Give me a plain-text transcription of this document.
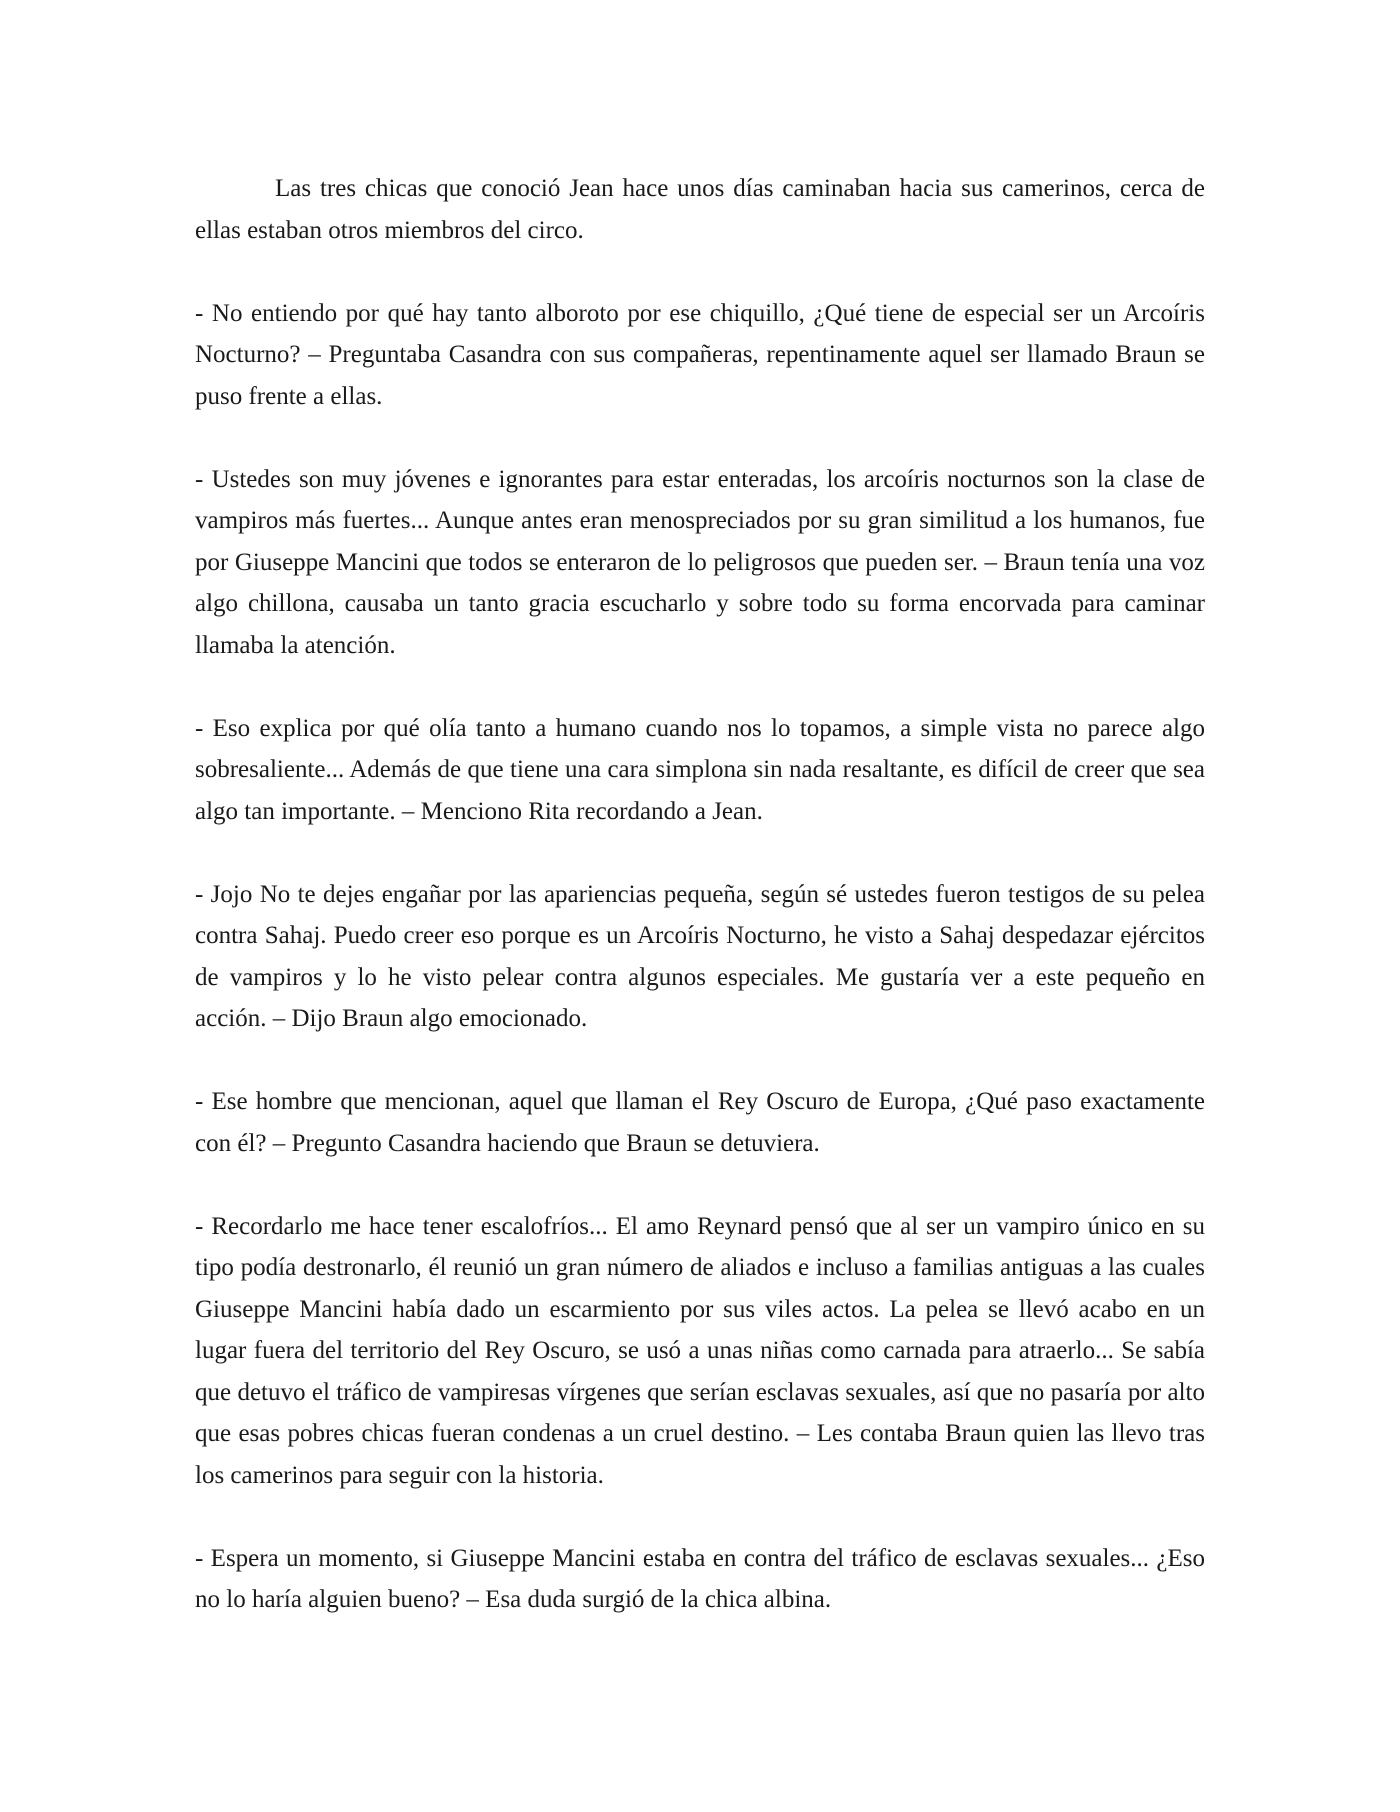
Las tres chicas que conoció Jean hace unos días caminaban hacia sus camerinos, cerca de ellas estaban otros miembros del circo.

- No entiendo por qué hay tanto alboroto por ese chiquillo, ¿Qué tiene de especial ser un Arcoíris Nocturno? – Preguntaba Casandra con sus compañeras, repentinamente aquel ser llamado Braun se puso frente a ellas.

- Ustedes son muy jóvenes e ignorantes para estar enteradas, los arcoíris nocturnos son la clase de vampiros más fuertes... Aunque antes eran menospreciados por su gran similitud a los humanos, fue por Giuseppe Mancini que todos se enteraron de lo peligrosos que pueden ser. – Braun tenía una voz algo chillona, causaba un tanto gracia escucharlo y sobre todo su forma encorvada para caminar llamaba la atención.

- Eso explica por qué olía tanto a humano cuando nos lo topamos, a simple vista no parece algo sobresaliente... Además de que tiene una cara simplona sin nada resaltante, es difícil de creer que sea algo tan importante. – Menciono Rita recordando a Jean.

- Jojo No te dejes engañar por las apariencias pequeña, según sé ustedes fueron testigos de su pelea contra Sahaj. Puedo creer eso porque es un Arcoíris Nocturno, he visto a Sahaj despedazar ejércitos de vampiros y lo he visto pelear contra algunos especiales. Me gustaría ver a este pequeño en acción. – Dijo Braun algo emocionado.

- Ese hombre que mencionan, aquel que llaman el Rey Oscuro de Europa, ¿Qué paso exactamente con él? – Pregunto Casandra haciendo que Braun se detuviera.

- Recordarlo me hace tener escalofríos... El amo Reynard pensó que al ser un vampiro único en su tipo podía destronarlo, él reunió un gran número de aliados e incluso a familias antiguas a las cuales Giuseppe Mancini había dado un escarmiento por sus viles actos. La pelea se llevó acabo en un lugar fuera del territorio del Rey Oscuro, se usó a unas niñas como carnada para atraerlo... Se sabía que detuvo el tráfico de vampiresas vírgenes que serían esclavas sexuales, así que no pasaría por alto que esas pobres chicas fueran condenas a un cruel destino. – Les contaba Braun quien las llevo tras los camerinos para seguir con la historia.

- Espera un momento, si Giuseppe Mancini estaba en contra del tráfico de esclavas sexuales... ¿Eso no lo haría alguien bueno? – Esa duda surgió de la chica albina.
